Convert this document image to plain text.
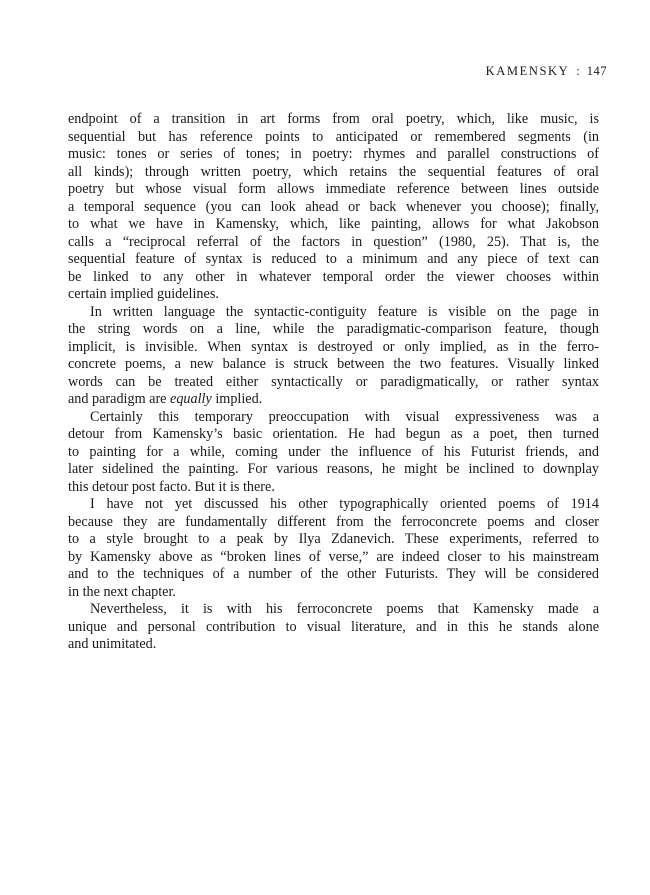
KAMENSKY : 147
endpoint of a transition in art forms from oral poetry, which, like music, is
sequential but has reference points to anticipated or remembered segments (in
music: tones or series of tones; in poetry: rhymes and parallel constructions of
all kinds); through written poetry, which retains the sequential features of oral
poetry but whose visual form allows immediate reference between lines outside
a temporal sequence (you can look ahead or back whenever you choose); finally,
to what we have in Kamensky, which, like painting, allows for what Jakobson
calls a “reciprocal referral of the factors in question” (1980, 25). That is, the
sequential feature of syntax is reduced to a minimum and any piece of text can
be linked to any other in whatever temporal order the viewer chooses within
certain implied guidelines.
In written language the syntactic-contiguity feature is visible on the page in
the string words on a line, while the paradigmatic-comparison feature, though
implicit, is invisible. When syntax is destroyed or only implied, as in the ferro-
concrete poems, a new balance is struck between the two features. Visually linked
words can be treated either syntactically or paradigmatically, or rather syntax
and paradigm are equally implied.
Certainly this temporary preoccupation with visual expressiveness was a
detour from Kamensky’s basic orientation. He had begun as a poet, then turned
to painting for a while, coming under the influence of his Futurist friends, and
later sidelined the painting. For various reasons, he might be inclined to downplay
this detour post facto. But it is there.
I have not yet discussed his other typographically oriented poems of 1914
because they are fundamentally different from the ferroconcrete poems and closer
to a style brought to a peak by Ilya Zdanevich. These experiments, referred to
by Kamensky above as “broken lines of verse,” are indeed closer to his mainstream
and to the techniques of a number of the other Futurists. They will be considered
in the next chapter.
Nevertheless, it is with his ferroconcrete poems that Kamensky made a
unique and personal contribution to visual literature, and in this he stands alone
and unimitated.
